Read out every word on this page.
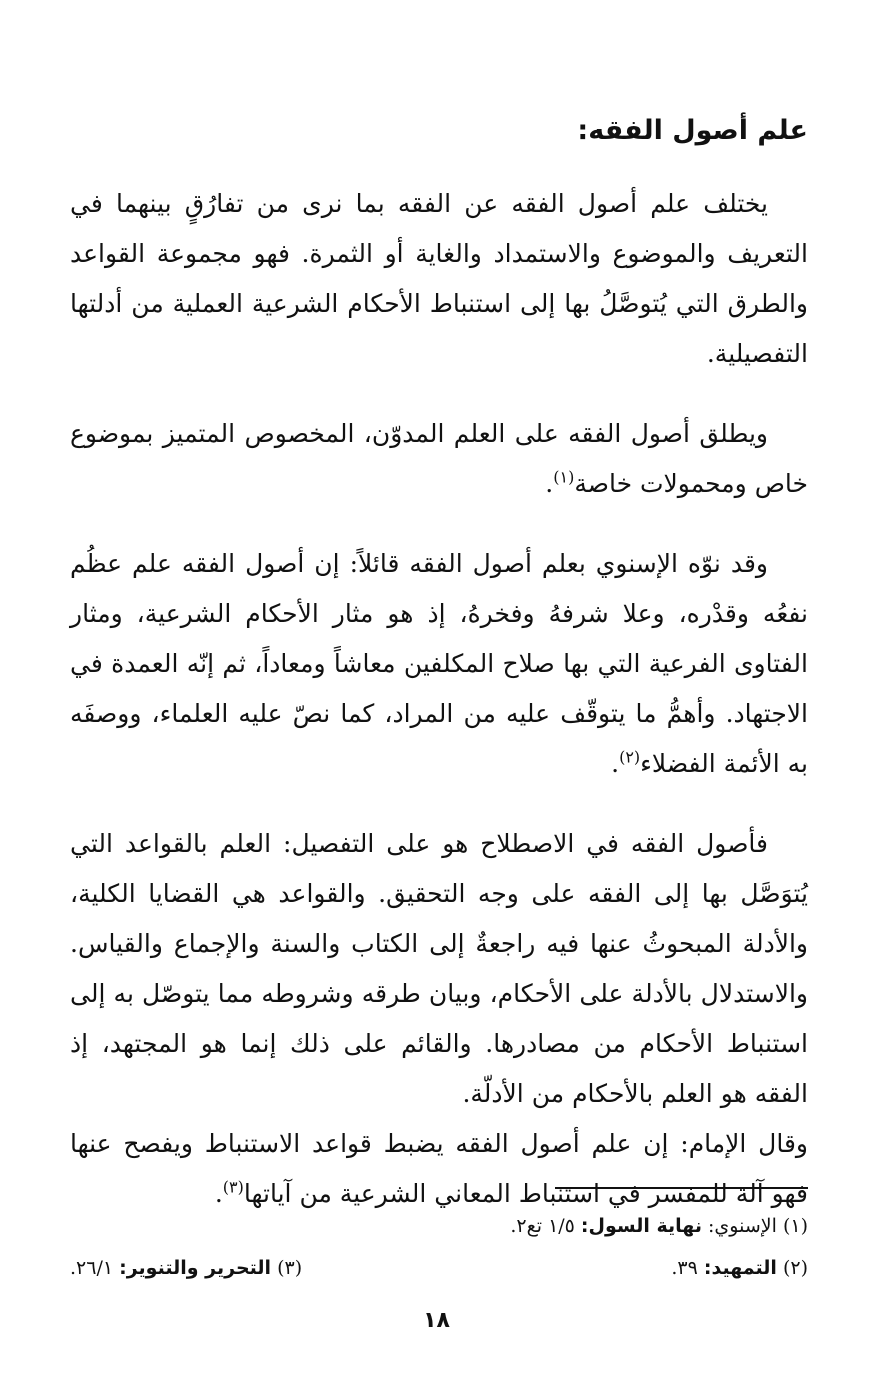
علم أصول الفقه:

يختلف علم أصول الفقه عن الفقه بما نرى من تفارُقٍ بينهما في التعريف والموضوع والاستمداد والغاية أو الثمرة. فهو مجموعة القواعد والطرق التي يُتوصَّلُ بها إلى استنباط الأحكام الشرعية العملية من أدلتها التفصيلية.

ويطلق أصول الفقه على العلم المدوّن، المخصوص المتميز بموضوع خاص ومحمولات خاصة$^{(١)}$.

وقد نوّه الإسنوي بعلم أصول الفقه قائلاً: إن أصول الفقه علم عظُم نفعُه وقدْره، وعلا شرفهُ وفخرهُ، إذ هو مثار الأحكام الشرعية، ومثار الفتاوى الفرعية التي بها صلاح المكلفين معاشاً ومعاداً، ثم إنّه العمدة في الاجتهاد. وأهمُّ ما يتوقّف عليه من المراد، كما نصّ عليه العلماء، ووصفَه به الأئمة الفضلاء$^{(٢)}$.

فأصول الفقه في الاصطلاح هو على التفصيل: العلم بالقواعد التي يُتوَصَّل بها إلى الفقه على وجه التحقيق. والقواعد هي القضايا الكلية، والأدلة المبحوثُ عنها فيه راجعةٌ إلى الكتاب والسنة والإجماع والقياس. والاستدلال بالأدلة على الأحكام، وبيان طرقه وشروطه مما يتوصّل به إلى استنباط الأحكام من مصادرها. والقائم على ذلك إنما هو المجتهد، إذ الفقه هو العلم بالأحكام من الأدلّة.

وقال الإمام: إن علم أصول الفقه يضبط قواعد الاستنباط ويفصح عنها فهو آلة للمفسر في استنباط المعاني الشرعية من آياتها$^{(٣)}$.

(١) الإسنوي: نهاية السول: ١/٥ تع٢.
(٢) التمهيد: ٣٩.
(٣) التحرير والتنوير: ٢٦/١.
١٨
